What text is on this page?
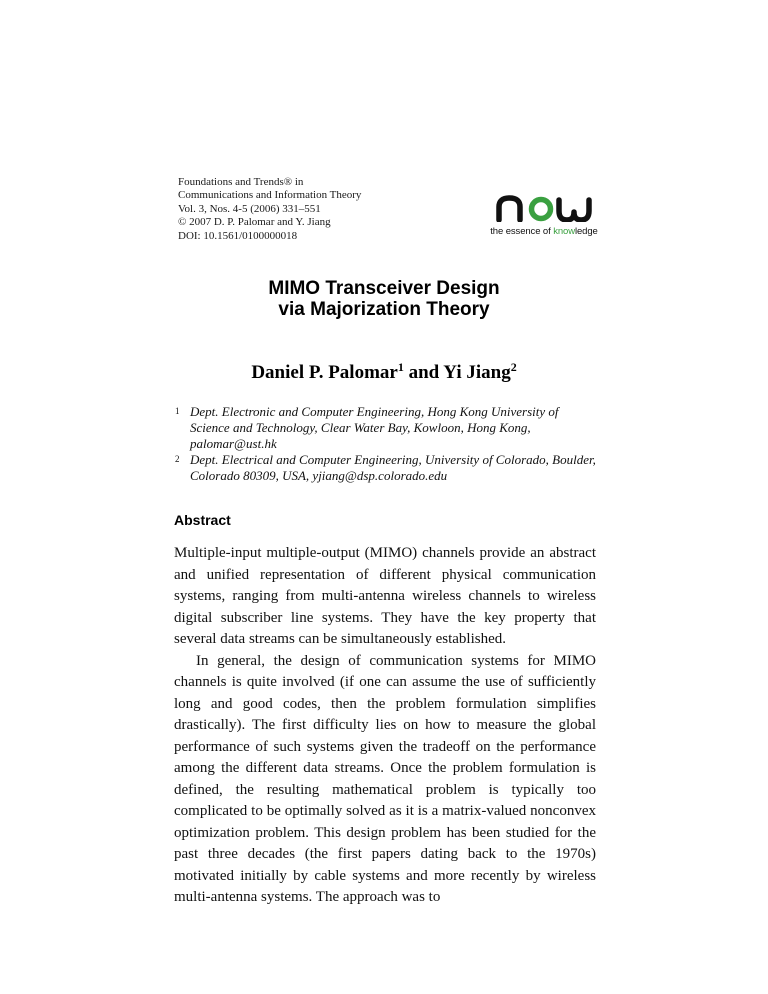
Foundations and Trends® in
Communications and Information Theory
Vol. 3, Nos. 4-5 (2006) 331–551
© 2007 D. P. Palomar and Y. Jiang
DOI: 10.1561/0100000018	the essence of knowledge
MIMO Transceiver Design
via Majorization Theory
Daniel P. Palomar$^1$ and Yi Jiang$^2$
1 Dept. Electronic and Computer Engineering, Hong Kong University of Science and Technology, Clear Water Bay, Kowloon, Hong Kong, palomar@ust.hk
2 Dept. Electrical and Computer Engineering, University of Colorado, Boulder, Colorado 80309, USA, yjiang@dsp.colorado.edu
Abstract

Multiple-input multiple-output (MIMO) channels provide an abstract and unified representation of different physical communication systems, ranging from multi-antenna wireless channels to wireless digital subscriber line systems. They have the key property that several data streams can be simultaneously established.

In general, the design of communication systems for MIMO channels is quite involved (if one can assume the use of sufficiently long and good codes, then the problem formulation simplifies drastically). The first difficulty lies on how to measure the global performance of such systems given the tradeoff on the performance among the different data streams. Once the problem formulation is defined, the resulting mathematical problem is typically too complicated to be optimally solved as it is a matrix-valued nonconvex optimization problem. This design problem has been studied for the past three decades (the first papers dating back to the 1970s) motivated initially by cable systems and more recently by wireless multi-antenna systems. The approach was to
